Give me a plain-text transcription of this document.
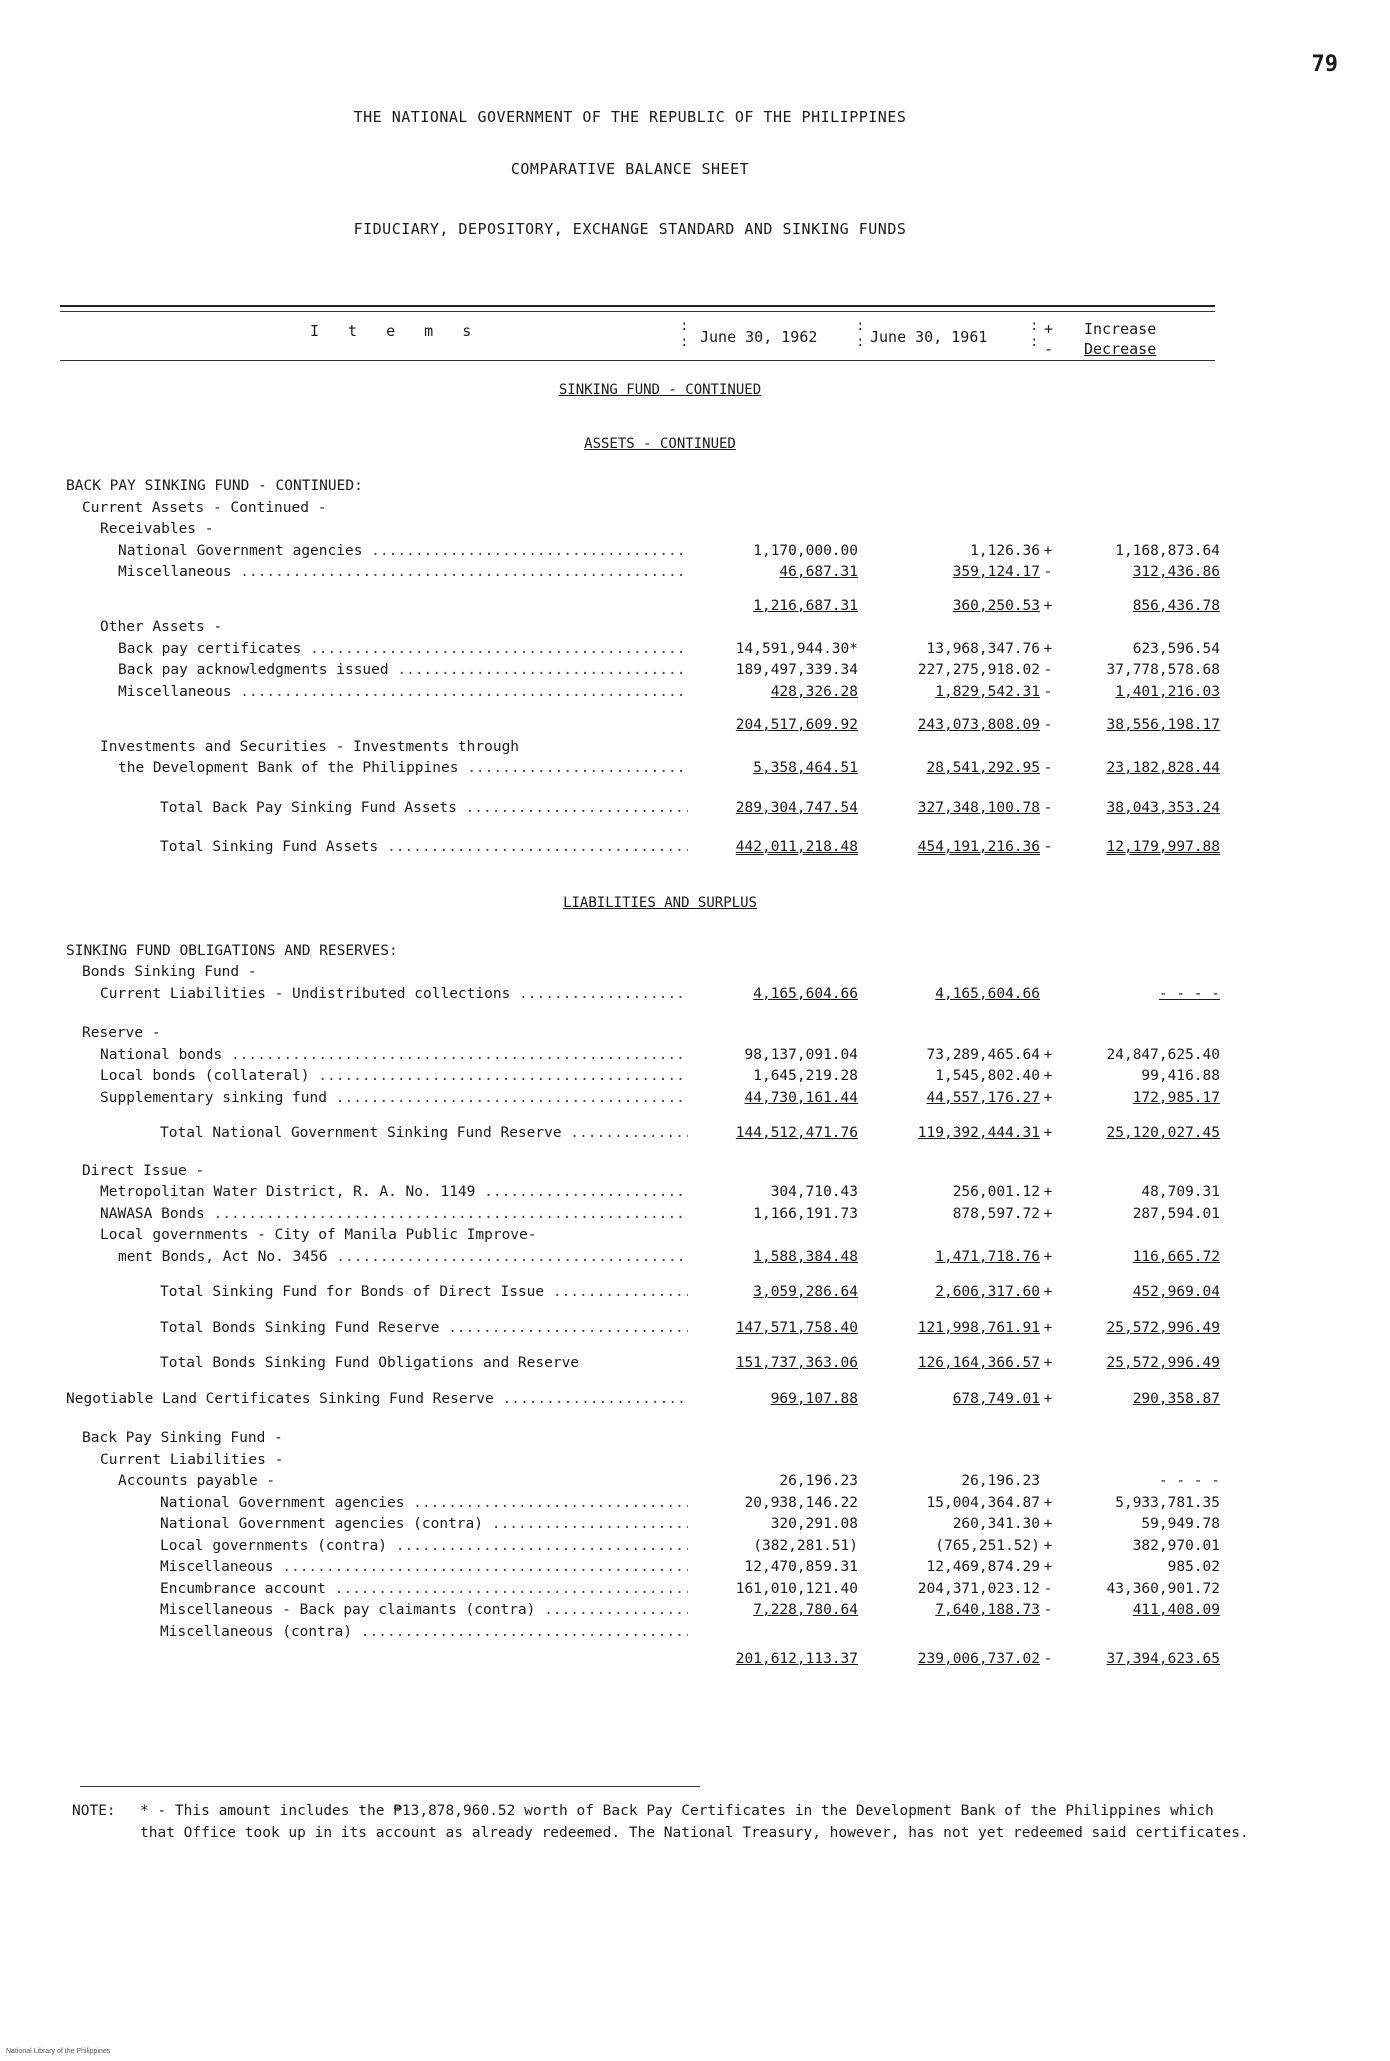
79
THE NATIONAL GOVERNMENT OF THE REPUBLIC OF THE PHILIPPINES
COMPARATIVE BALANCE SHEET
FIDUCIARY, DEPOSITORY, EXCHANGE STANDARD AND SINKING FUNDS
I t e m s	:
: June 30, 1962
:
: June 30, 1961
:
:
+
-
Increase
Decrease
SINKING FUND - CONTINUED
ASSETS - CONTINUED
BACK PAY SINKING FUND - CONTINUED:
Current Assets - Continued -
Receivables -
National Government agencies .....	1,170,000.00	1,126.36 +	1,168,873.64
Miscellaneous .....	46,687.31	359,124.17 -	312,436.86
1,216,687.31	360,250.53 +	856,436.78
Other Assets -
Back pay certificates .....	14,591,944.30*	13,968,347.76 +	623,596.54
Back pay acknowledgments issued .....	189,497,339.34	227,275,918.02 -	37,778,578.68
Miscellaneous .....	428,326.28	1,829,542.31 -	1,401,216.03
204,517,609.92	243,073,808.09 -	38,556,198.17
Investments and Securities - Investments through
the Development Bank of the Philippines .....	5,358,464.51	28,541,292.95 -	23,182,828.44
Total Back Pay Sinking Fund Assets .....	289,304,747.54	327,348,100.78 -	38,043,353.24
Total Sinking Fund Assets .....	442,011,218.48	454,191,216.36 -	12,179,997.88
LIABILITIES AND SURPLUS
SINKING FUND OBLIGATIONS AND RESERVES:
Bonds Sinking Fund -
Current Liabilities - Undistributed collections .....	4,165,604.66	4,165,604.66	- - - -
Reserve -
National bonds .....	98,137,091.04	73,289,465.64 +	24,847,625.40
Local bonds (collateral) .....	1,645,219.28	1,545,802.40 +	99,416.88
Supplementary sinking fund .....	44,730,161.44	44,557,176.27 +	172,985.17
Total National Government Sinking Fund Reserve .....	144,512,471.76	119,392,444.31 +	25,120,027.45
Direct Issue -
Metropolitan Water District, R. A. No. 1149 .....	304,710.43	256,001.12 +	48,709.31
NAWASA Bonds .....	1,166,191.73	878,597.72 +	287,594.01
Local governments - City of Manila Public Improve-
ment Bonds, Act No. 3456 .....	1,588,384.48	1,471,718.76 +	116,665.72
Total Sinking Fund for Bonds of Direct Issue .....	3,059,286.64	2,606,317.60 +	452,969.04
Total Bonds Sinking Fund Reserve .....	147,571,758.40	121,998,761.91 +	25,572,996.49
Total Bonds Sinking Fund Obligations and Reserve	151,737,363.06	126,164,366.57 +	25,572,996.49
Negotiable Land Certificates Sinking Fund Reserve .....	969,107.88	678,749.01 +	290,358.87
Back Pay Sinking Fund -
Current Liabilities -
Accounts payable -	26,196.23	26,196.23	- - - -
National Government agencies .....	20,938,146.22	15,004,364.87 +	5,933,781.35
National Government agencies (contra) .....	320,291.08	260,341.30 +	59,949.78
Local governments (contra) .....	(382,281.51)	(765,251.52) +	382,970.01
Miscellaneous .....	12,470,859.31	12,469,874.29 +	985.02
Encumbrance account .....	161,010,121.40	204,371,023.12 -	43,360,901.72
Miscellaneous - Back pay claimants (contra) .....	7,228,780.64	7,640,188.73 -	411,408.09
Miscellaneous (contra) .....
201,612,113.37	239,006,737.02 -	37,394,623.65
NOTE: * - This amount includes the ₱13,878,960.52 worth of Back Pay Certificates in the Development Bank of the Philippines which that Office took up in its account as already redeemed. The National Treasury, however, has not yet redeemed said certificates.
National Library of the Philippines
